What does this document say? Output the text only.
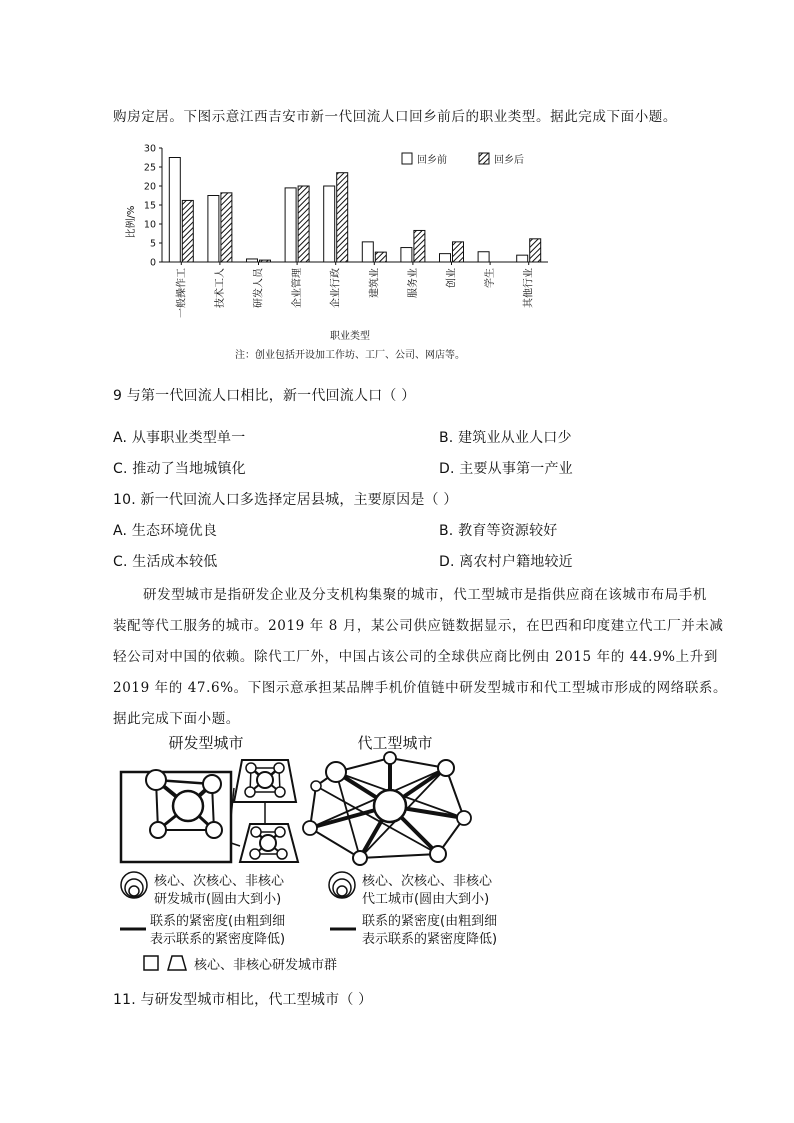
购房定居。下图示意江西吉安市新一代回流人口回乡前后的职业类型。据此完成下面小题。
0
5
10
15
20
25
30
一般操作工	技术工人	研发人员	企业管理	企业行政	建筑业	服务业	创业	学生	其他行业
比例/%
回乡前	回乡后
职业类型
注：创业包括开设加工作坊、工厂、公司、网店等。
9 与第一代回流人口相比，新一代回流人口（ ）
A. 从事职业类型单一	B. 建筑业从业人口少
C. 推动了当地城镇化	D. 主要从事第一产业
10. 新一代回流人口多选择定居县城，主要原因是（ ）
A. 生态环境优良	B. 教育等资源较好
C. 生活成本较低	D. 离农村户籍地较近
研发型城市是指研发企业及分支机构集聚的城市，代工型城市是指供应商在该城市布局手机
装配等代工服务的城市。2019 年 8 月，某公司供应链数据显示，在巴西和印度建立代工厂并未减
轻公司对中国的依赖。除代工厂外，中国占该公司的全球供应商比例由 2015 年的 44.9%上升到
2019 年的 47.6%。下图示意承担某品牌手机价值链中研发型城市和代工型城市形成的网络联系。
据此完成下面小题。
研发型城市	代工型城市
核心、次核心、非核心
研发城市(圆由大到小)
联系的紧密度(由粗到细
表示联系的紧密度降低)
核心、次核心、非核心
代工城市(圆由大到小)
联系的紧密度(由粗到细
表示联系的紧密度降低)
核心、非核心研发城市群
11. 与研发型城市相比，代工型城市（ ）
